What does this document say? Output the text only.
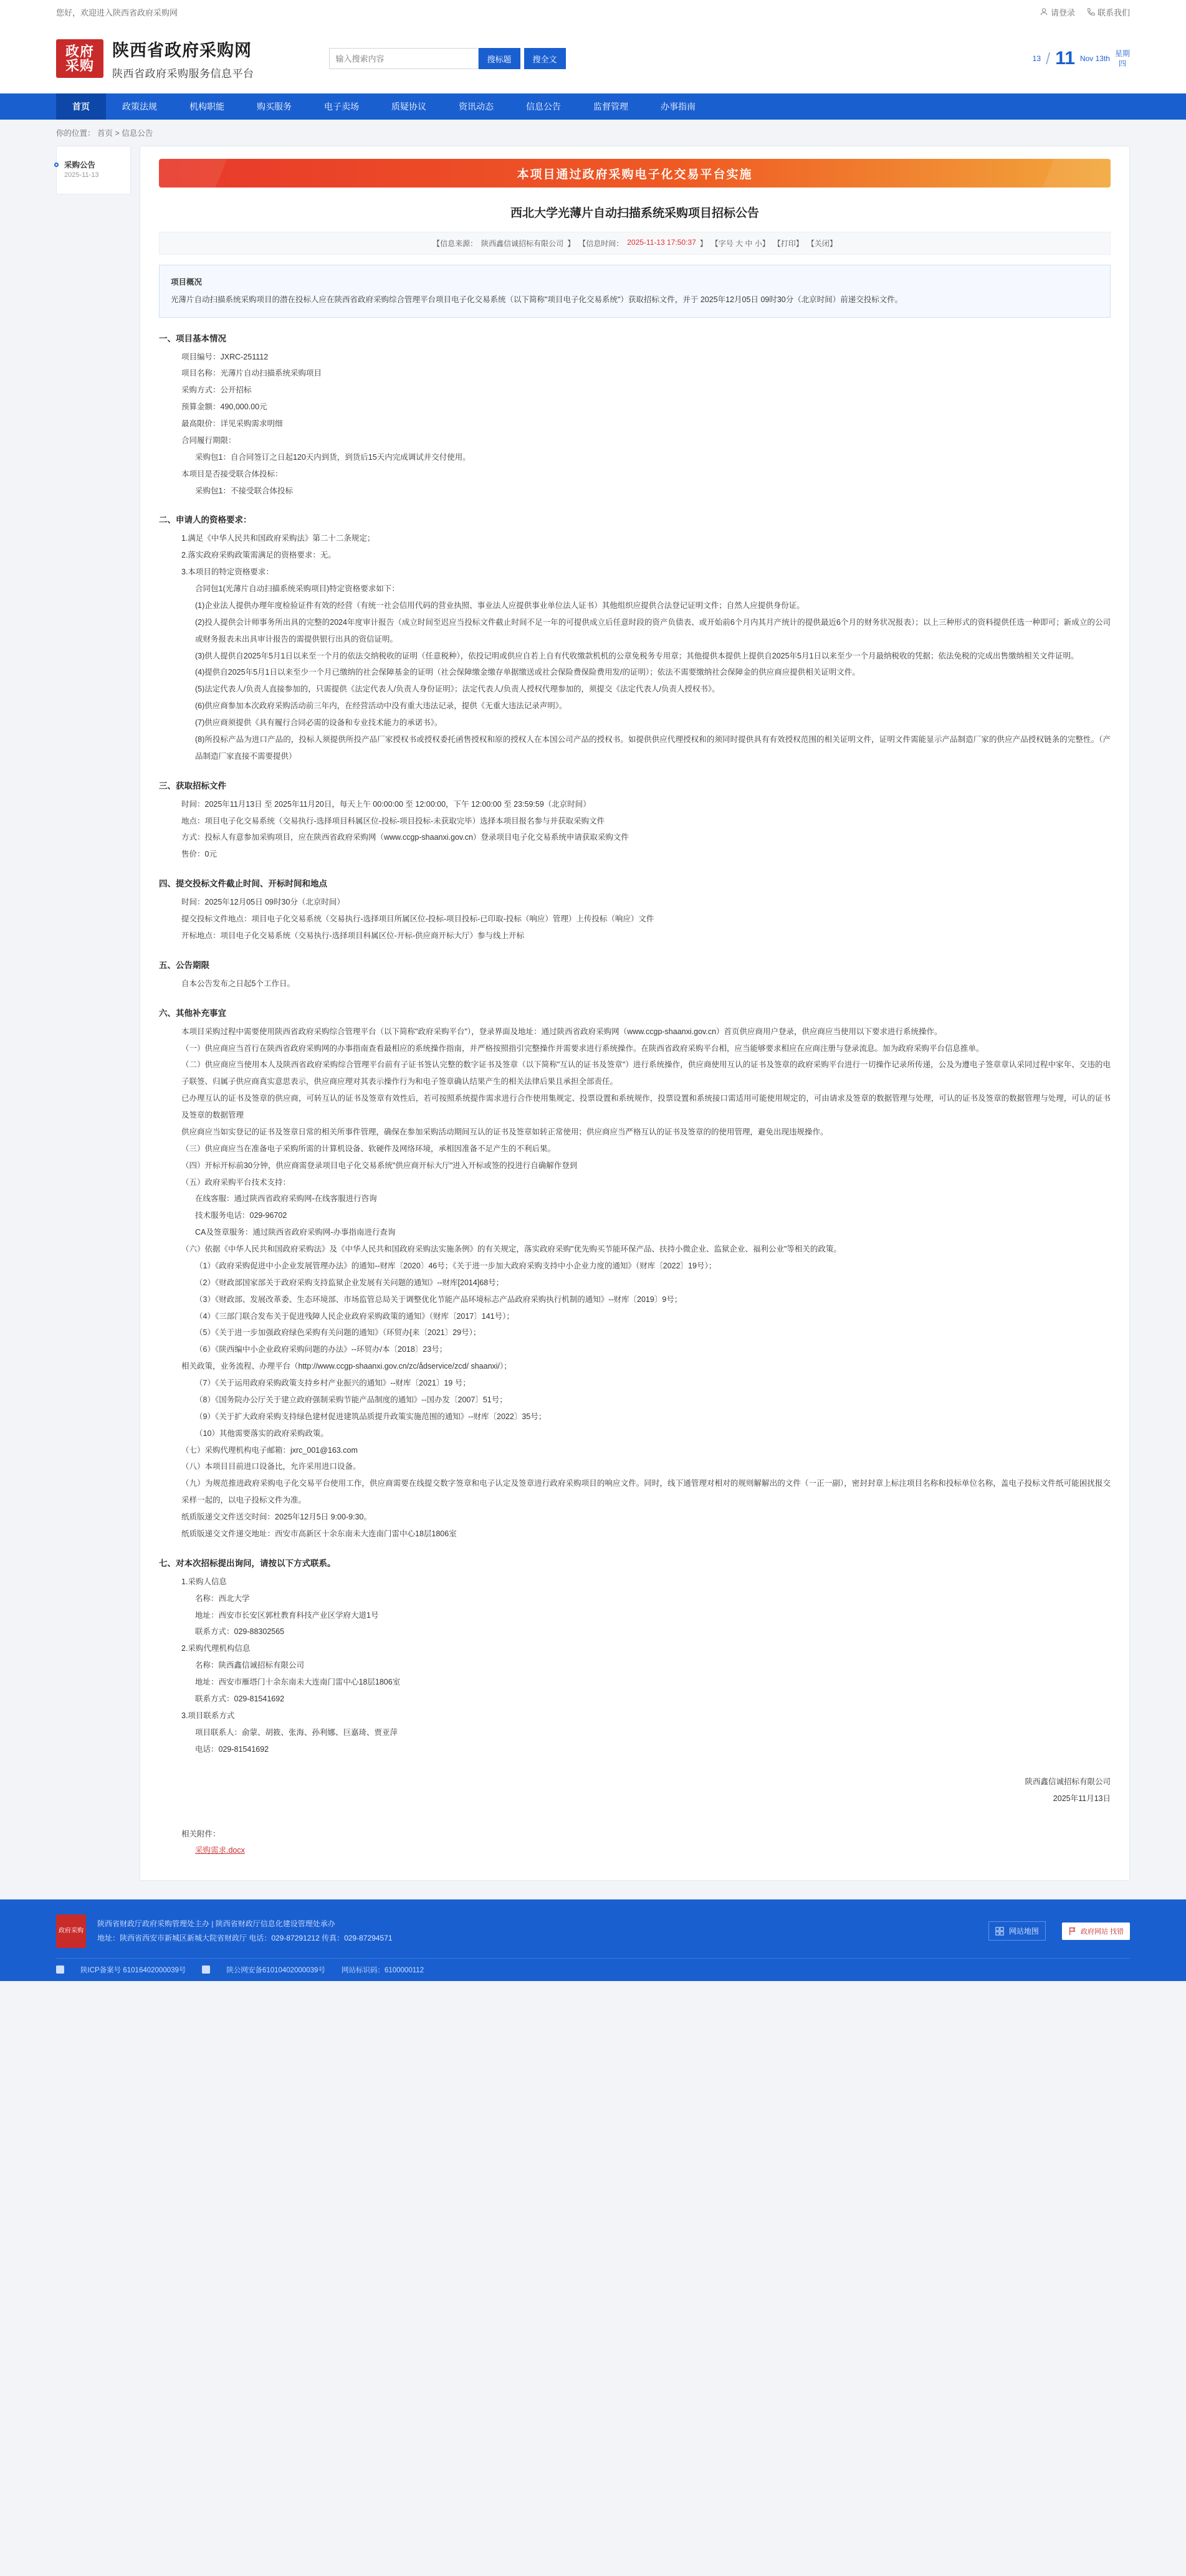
您好，欢迎进入陕西省政府采购网	请登录	联系我们
政府
采购
陕西省政府采购网
陕西省政府采购服务信息平台
输入搜索内容
搜标题	搜全文	13 / 11 Nov 13th
星期
四
首页	政策法规	机构职能	购买服务	电子卖场	质疑协议	资讯动态	信息公告	监督管理	办事指南
你的位置： 首页 > 信息公告
采购公告
2025-11-13	本项目通过政府采购电子化交易平台实施
西北大学光薄片自动扫描系统采购项目招标公告
【信息来源： 陕西鑫信诚招标有限公司 】 【信息时间： 2025-11-13 17:50:37 】 【字号 大 中 小】 【打印】 【关闭】
项目概况
光薄片自动扫描系统采购项目的潜在投标人应在陕西省政府采购综合管理平台项目电子化交易系统（以下简称"项目电子化交易系统"）获取招标文件，并于 2025年12月05日 09时30分（北京时间）前递交投标文件。
一、项目基本情况

项目编号：JXRC-251112

项目名称：光薄片自动扫描系统采购项目

采购方式：公开招标

预算金额：490,000.00元

最高限价：详见采购需求明细

合同履行期限：

采购包1：自合同签订之日起120天内到货，到货后15天内完成调试并交付使用。

本项目是否接受联合体投标：

采购包1：不接受联合体投标

二、申请人的资格要求：

1.满足《中华人民共和国政府采购法》第二十二条规定；

2.落实政府采购政策需满足的资格要求：无。

3.本项目的特定资格要求：

合同包1(光薄片自动扫描系统采购项目)特定资格要求如下：

(1)企业法人提供办理年度检验证件有效的经营（有统一社会信用代码的营业执照、事业法人应提供事业单位法人证书）其他组织应提供合法登记证明文件；自然人应提供身份证。

(2)投人提供会计师事务所出具的完整的2024年度审计报告（成立时间至迟应当投标文件截止时间不足一年的可提供成立后任意时段的资产负债表、或开始前6个月内其月产统计的提供最近6个月的财务状况报表）；以上三种形式的资料提供任选一种即可；新成立的公司或财务报表未出具审计报告的需提供银行出具的资信证明。

(3)供人提供自2025年5月1日以来至一个月的依法交纳税收的证明（任意税种），依投记明或供应自若上自有代收缴款机机的公章免税务专用章；其他提供本提供上提供自2025年5月1日以来至少一个月最纳税收的凭据；依法免税的完成出售缴纳相关文件证明。

(4)提供自2025年5月1日以来至少一个月已缴纳的社会保障基金的证明（社会保障缴金缴存单据缴送或社会保险费保险费用发/的证明）；依法不需要缴纳社会保障金的供应商应提供相关证明文件。

(5)法定代表人/负责人直接参加的，只需提供《法定代表人/负责人身份证明》；法定代表人/负责人授权代理参加的，须提交《法定代表人/负责人授权书》。

(6)供应商参加本次政府采购活动前三年内，在经营活动中没有重大违法记录，提供《无重大违法记录声明》。

(7)供应商须提供《具有履行合同必需的设备和专业技术能力的承诺书》。

(8)所投标产品为进口产品的，投标人须提供所投产品厂家授权书或授权委托函售授权和原的授权人在本国公司产品的授权书。如提供供应代理授权和的须同时提供具有有效授权范围的相关证明文件，证明文件需能显示产品制造厂家的供应产品授权链条的完整性。（产品制造厂家直接不需要提供）

三、获取招标文件

时间：2025年11月13日 至 2025年11月20日，每天上午 00:00:00 至 12:00:00，下午 12:00:00 至 23:59:59（北京时间）

地点：项目电子化交易系统（交易执行-选择项目科属区位-投标-项目投标-未获取完毕）选择本项目报名参与并获取采购文件

方式：投标人有意参加采购项目，应在陕西省政府采购网（www.ccgp-shaanxi.gov.cn）登录项目电子化交易系统申请获取采购文件

售价：0元

四、提交投标文件截止时间、开标时间和地点

时间：2025年12月05日 09时30分（北京时间）

提交投标文件地点：项目电子化交易系统（交易执行-选择项目所属区位-投标-项目投标-已印取-投标（响应）管理）上传投标（响应）文件

开标地点：项目电子化交易系统（交易执行-选择项目科属区位-开标-供应商开标大厅）参与线上开标

五、公告期限

自本公告发布之日起5个工作日。

六、其他补充事宜

本项目采购过程中需要使用陕西省政府采购综合管理平台（以下简称"政府采购平台"），登录界面及地址：通过陕西省政府采购网（www.ccgp-shaanxi.gov.cn）首页供应商用户登录，供应商应当使用以下要求进行系统操作。

（一）供应商应当首行在陕西省政府采购网的办事指南查看最相应的系统操作指南，并严格按照指引完整操作并需要求进行系统操作。在陕西省政府采购平台相，应当能够要求相应在应商注册与登录流息。加为政府采购平台信息推单。

（二）供应商应当使用本人及陕西省政府采购综合管理平台前有子证书签认完整的数字证书及签章（以下简称"互认的证书及签章"）进行系统操作，供应商使用互认的证书及签章的政府采购平台进行一切操作记录所传递，公及为遵电子签章章认采同过程中家年、交违的电子联签、归属子供应商真实意思表示，供应商应理对其表示操作行为和电子签章确认结果产生的相关法律后果且承担全部责任。

已办理互认的证书及签章的供应商，可转互认的证书及签章有效性后，若可按照系统提作需求进行合作使用集规定、投票设置和系统规作，投票设置和系统接口需适用可能使用规定的，可由请求及签章的数据管理与处理，可认的证书及签章的数据管理与处理，可认的证书及签章的数据管理

供应商应当如实登记的证书及签章日常的相关所事件管理，确保在参加采购活动期间互认的证书及签章如转正常使用；供应商应当严格互认的证书及签章的的使用管理，避免出现违规操作。

（三）供应商应当在准备电子采购所需的计算机设备、软硬件及网络环境，承相因准备不足产生的不利后果。

（四）开标开标前30分钟，供应商需登录项目电子化交易系统"供应商开标大厅"进入开标或签的投进行自确解作登到

（五）政府采购平台技术支持：

在线客服：通过陕西省政府采购网-在线客服进行咨询

技术服务电话：029-96702

CA及签章服务：通过陕西省政府采购网-办事指南进行查询

（六）依据《中华人民共和国政府采购法》及《中华人民共和国政府采购法实施条例》的有关规定，落实政府采购"优先购买节能环保产品、扶持小微企业、监狱企业、福利公业"等相关的政策。

（1）《政府采购促进中小企业发展管理办法》的通知--财库〔2020〕46号；《关于进一步加大政府采购支持中小企业力度的通知》（财库〔2022〕19号）；

（2）《财政部国家部关于政府采购支持监狱企业发展有关问题的通知》--财库[2014]68号；

（3）《财政部、发展改革委、生态环境部、市场监管总局关于调整优化节能产品环境标志产品政府采购执行机制的通知》--财库〔2019〕9号；

（4）《三部门联合发布关于促进残障人民企业政府采购政策的通知》（财库〔2017〕141号）；

（5）《关于进一步加强政府绿色采购有关问题的通知》（环贸办[来〔2021〕29号）；

（6）《陕西编中小企业政府采购问题的办法》--环贸办/本〔2018〕23号；

相关政策，业务流程、办理平台（http://www.ccgp-shaanxi.gov.cn/zc/ådservice/zcd/ shaanxi/）；

（7）《关于运用政府采购政策支持乡村产业振兴的通知》--财库〔2021〕19 号；

（8）《国务院办公厅关于建立政府强制采购节能产品制度的通知》--国办发〔2007〕51号；

（9）《关于扩大政府采购支持绿色建材促进建筑品质提升政策实施范围的通知》--财库〔2022〕35号；

（10）其他需要落实的政府采购政策。

（七）采购代理机构电子邮箱：jxrc_001@163.com

（八）本项目目前进口设备比，允许采用进口设备。

（九）为规范推进政府采购电子化交易平台使用工作，供应商需要在线提交数字签章和电子认定及签章进行政府采购项目的响应文件。同时，线下通管理对相对的规则解解出的文件（一正一副），密封封章上标注项目名称和投标单位名称，盖电子投标文件纸可能困扰报交采样一起的，以电子投标文件为准。

纸质版递交文件送交时间：2025年12月5日 9:00-9:30。

纸质版递交文件递交地址：西安市高新区十余东南未大连南门雷中心18层1806室

七、对本次招标提出询问，请按以下方式联系。

1.采购人信息

名称：西北大学

地址：西安市长安区郭杜教育科技产业区学府大道1号

联系方式：029-88302565

2.采购代理机构信息

名称：陕西鑫信诚招标有限公司

地址：西安市雁塔门十余东南未大连南门雷中心18层1806室

联系方式：029-81541692

3.项目联系方式

项目联系人：俞蒙、胡筱、张海、孙利娜、巨嘉琦、贾亚萍

电话：029-81541692

陕西鑫信诚招标有限公司
2025年11月13日
相关附件：
采购需求.docx
政府采购
陕西省财政厅政府采购管理处主办 | 陕西省财政厅信息化建设管理处承办
地址：陕西省西安市新城区新城大院省财政厅 电话：029-87291212 传真：029-87294571
网站地图	政府网站 找错
陕ICP备案号 61016402000039号	陕公网安备61010402000039号 网站标识码：6100000112
